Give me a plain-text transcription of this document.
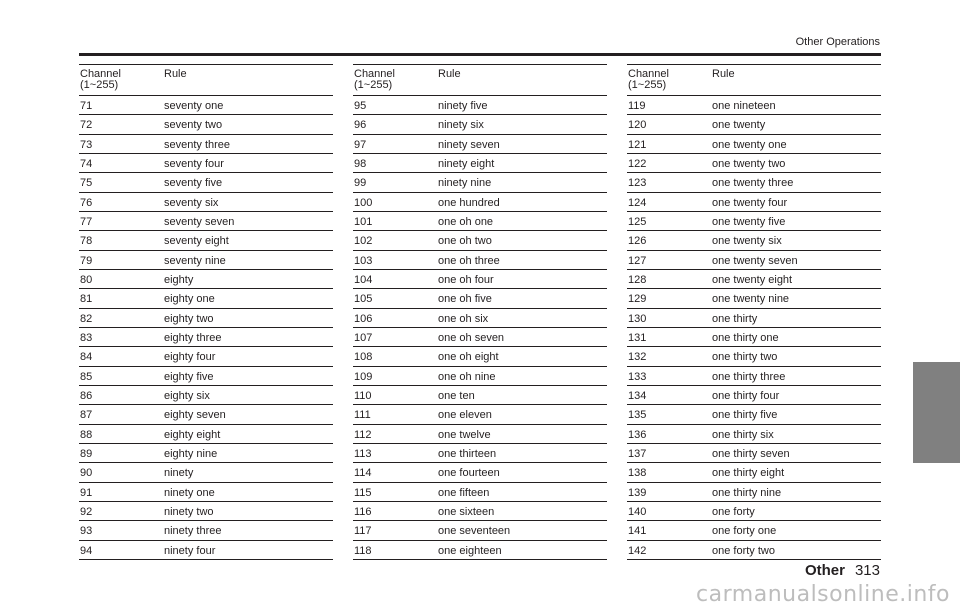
Other Operations
Channel
(1~255)
Rule
71	seventy one
72	seventy two
73	seventy three
74	seventy four
75	seventy five
76	seventy six
77	seventy seven
78	seventy eight
79	seventy nine
80	eighty
81	eighty one
82	eighty two
83	eighty three
84	eighty four
85	eighty five
86	eighty six
87	eighty seven
88	eighty eight
89	eighty nine
90	ninety
91	ninety one
92	ninety two
93	ninety three
94	ninety four
Channel
(1~255)
Rule
95	ninety five
96	ninety six
97	ninety seven
98	ninety eight
99	ninety nine
100	one hundred
101	one oh one
102	one oh two
103	one oh three
104	one oh four
105	one oh five
106	one oh six
107	one oh seven
108	one oh eight
109	one oh nine
110	one ten
111	one eleven
112	one twelve
113	one thirteen
114	one fourteen
115	one fifteen
116	one sixteen
117	one seventeen
118	one eighteen
Channel
(1~255)
Rule
119	one nineteen
120	one twenty
121	one twenty one
122	one twenty two
123	one twenty three
124	one twenty four
125	one twenty five
126	one twenty six
127	one twenty seven
128	one twenty eight
129	one twenty nine
130	one thirty
131	one thirty one
132	one thirty two
133	one thirty three
134	one thirty four
135	one thirty five
136	one thirty six
137	one thirty seven
138	one thirty eight
139	one thirty nine
140	one forty
141	one forty one
142	one forty two
Other 313
carmanualsonline.info
